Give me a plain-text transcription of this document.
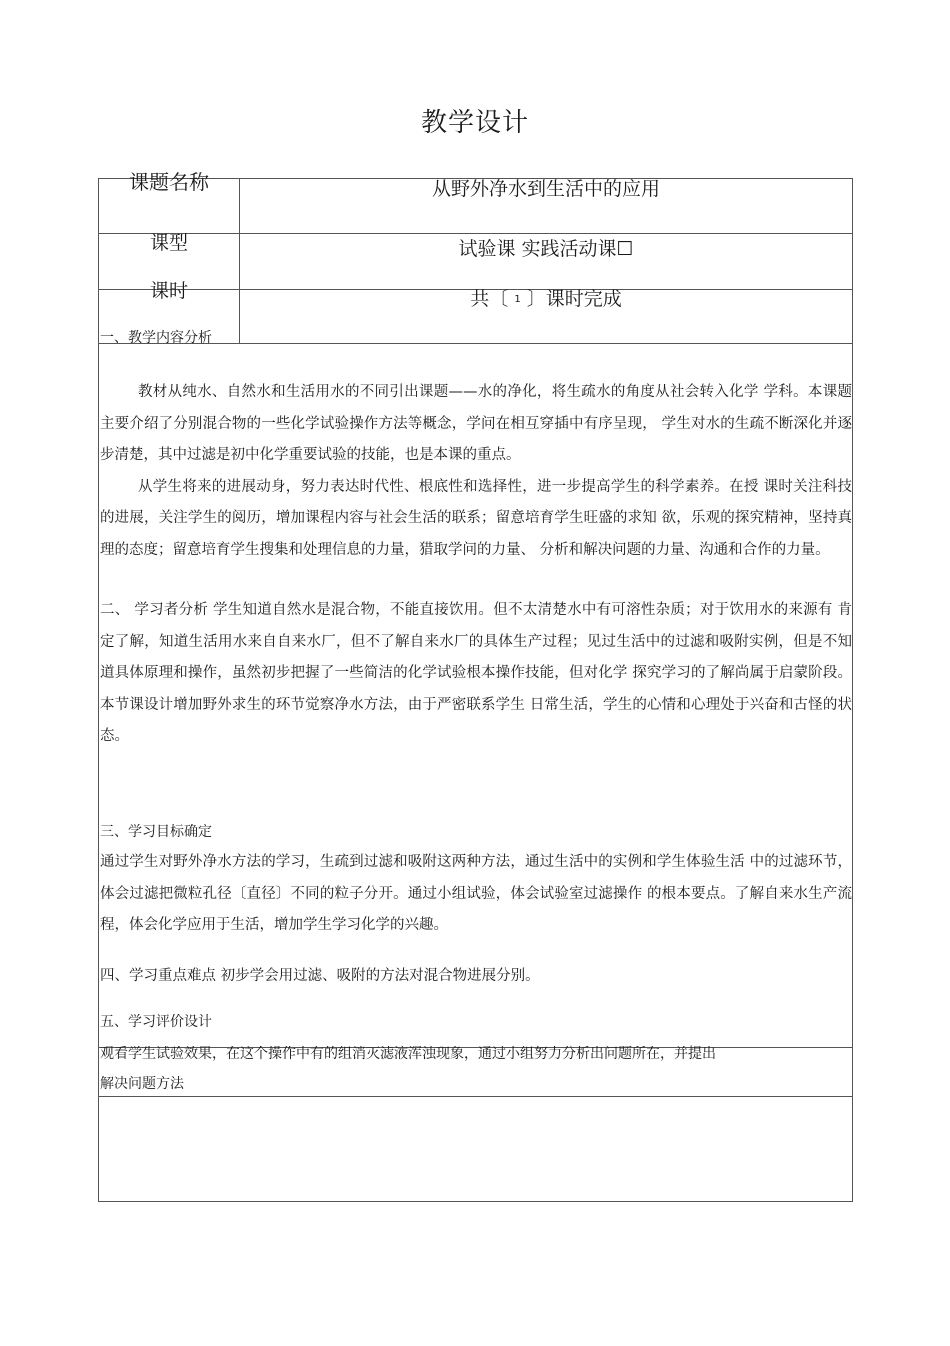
教学设计
课题名称	从野外净水到生活中的应用
课型	试验课 实践活动课☐
课时	共〔 1 〕课时完成
一、教学内容分析

教材从纯水、自然水和生活用水的不同引出课题——水的净化，将生疏水的角度从社会转入化学 学科。本课题主要介绍了分别混合物的一些化学试验操作方法等概念，学问在相互穿插中有序呈现， 学生对水的生疏不断深化并逐步清楚，其中过滤是初中化学重要试验的技能，也是本课的重点。

从学生将来的进展动身，努力表达时代性、根底性和选择性，进一步提高学生的科学素养。在授 课时关注科技的进展，关注学生的阅历，增加课程内容与社会生活的联系；留意培育学生旺盛的求知 欲，乐观的探究精神，坚持真理的态度；留意培育学生搜集和处理信息的力量，猎取学问的力量、 分析和解决问题的力量、沟通和合作的力量。

二、 学习者分析 学生知道自然水是混合物，不能直接饮用。但不太清楚水中有可溶性杂质；对于饮用水的来源有 肯定了解，知道生活用水来自自来水厂，但不了解自来水厂的具体生产过程；见过生活中的过滤和吸附实例，但是不知道具体原理和操作，虽然初步把握了一些简洁的化学试验根本操作技能，但对化学 探究学习的了解尚属于启蒙阶段。本节课设计增加野外求生的环节觉察净水方法，由于严密联系学生 日常生活，学生的心情和心理处于兴奋和古怪的状态。
三、学习目标确定
通过学生对野外净水方法的学习，生疏到过滤和吸附这两种方法，通过生活中的实例和学生体验生活 中的过滤环节，体会过滤把微粒孔径〔直径〕不同的粒子分开。通过小组试验，体会试验室过滤操作 的根本要点。了解自来水生产流程，体会化学应用于生活，增加学生学习化学的兴趣。
四、学习重点难点 初步学会用过滤、吸附的方法对混合物进展分别。
五、学习评价设计
观看学生试验效果，在这个操作中有的组消灭滤液浑浊现象，通过小组努力分析出问题所在，并提出
解决问题方法
